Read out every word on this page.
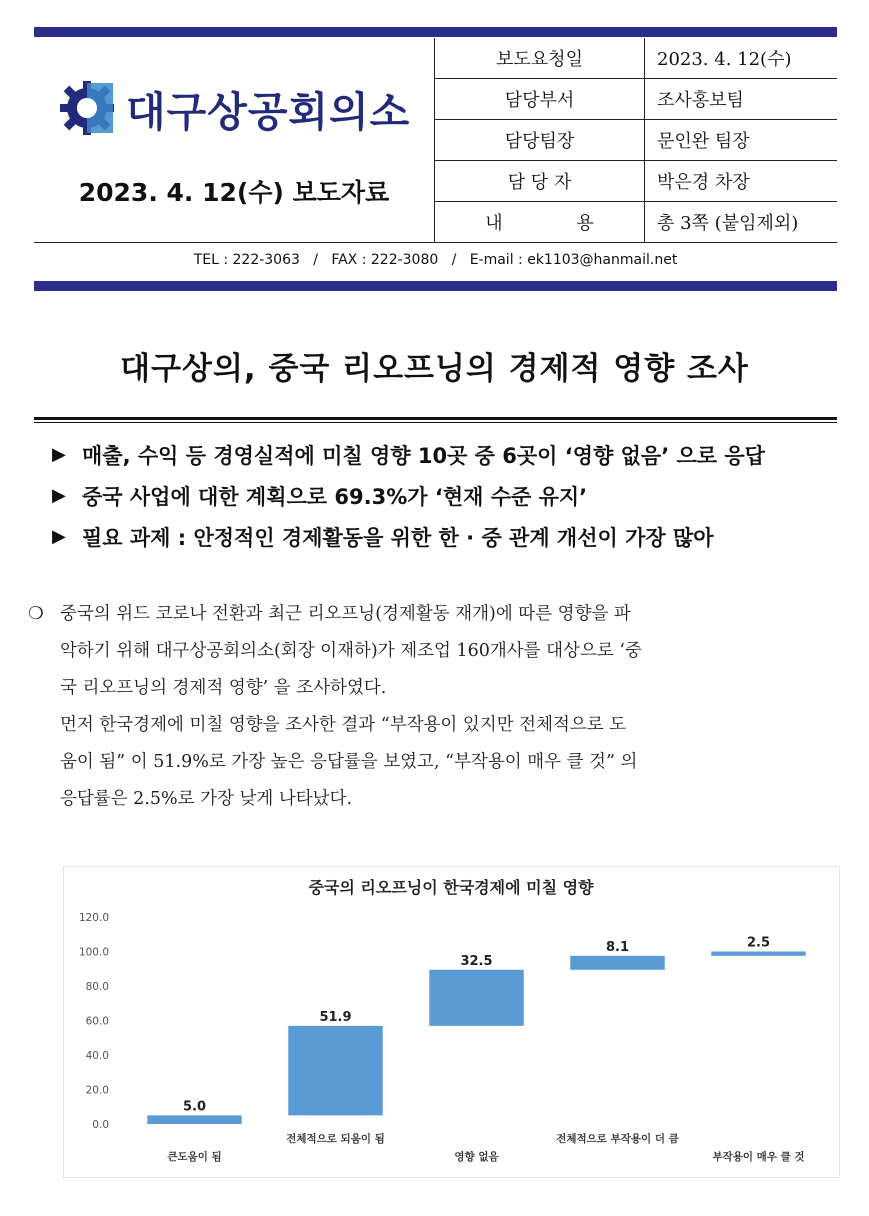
대구상공회의소
2023. 4. 12(수) 보도자료
보도요청일	2023. 4. 12(수)
담당부서	조사홍보팀
담당팀장	문인완 팀장
담 당 자	박은경 차장
내 용	총 3쪽 (붙임제외)
TEL : 222-3063   /   FAX : 222-3080   /   E-mail : ek1103@hanmail.net
대구상의, 중국 리오프닝의 경제적 영향 조사
▶ 매출, 수익 등 경영실적에 미칠 영향 10곳 중 6곳이 ‘영향 없음’ 으로 응답
▶ 중국 사업에 대한 계획으로 69.3%가 ‘현재 수준 유지’
▶ 필요 과제 : 안정적인 경제활동을 위한 한 · 중 관계 개선이 가장 많아
❍ 중국의 위드 코로나 전환과 최근 리오프닝(경제활동 재개)에 따른 영향을 파
악하기 위해 대구상공회의소(회장 이재하)가 제조업 160개사를 대상으로 ‘중
국 리오프닝의 경제적 영향’ 을 조사하였다.
먼저 한국경제에 미칠 영향을 조사한 결과 “부작용이 있지만 전체적으로 도
움이 됨” 이 51.9%로 가장 높은 응답률을 보였고, “부작용이 매우 클 것” 의
응답률은 2.5%로 가장 낮게 나타났다.
중국의 리오프닝이 한국경제에 미칠 영향
0.0
20.0
40.0
60.0
80.0
100.0
120.0
5.0
51.9
32.5
8.1	2.5
큰도움이 됨
전체적으로 되움이 됨
영향 없음
전체적으로 부작용이 더 큼
부작용이 매우 클 것
